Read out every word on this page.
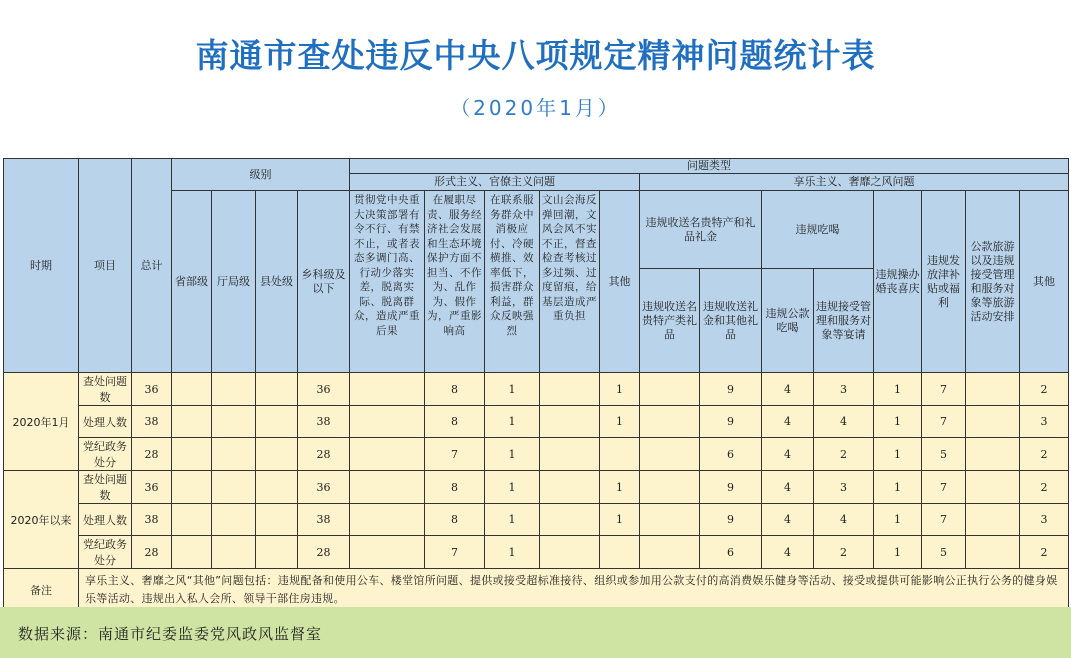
南通市查处违反中央八项规定精神问题统计表
（2020年1月）
时期	项目	总计	级别				问题类型												
							形式主义、官僚主义问题					享乐主义、奢靡之风问题							
			省部级	厅局级	县处级	乡科级及以下	贯彻党中央重大决策部署有令不行、有禁不止，或者表态多调门高、行动少落实差，脱离实际、脱离群众，造成严重后果	在履职尽责、服务经济社会发展和生态环境保护方面不担当、不作为、乱作为、假作为，严重影响高	在联系服务群众中消极应付、冷硬横推、效率低下，损害群众利益，群众反映强烈	文山会海反弹回潮，文风会风不实不正，督查检查考核过多过频、过度留痕，给基层造成严重负担	其他	违规收送名贵特产和礼品礼金		违规吃喝		违规操办婚丧喜庆	违规发放津补贴或福利	公款旅游以及违规接受管理和服务对象等旅游活动安排	其他
												违规收送名贵特产类礼品	违规收送礼金和其他礼品	违规公款吃喝	违规接受管理和服务对象等宴请				
2020年1月	查处问题数	36				36		8	1		1		9	4	3	1	7		2
	处理人数	38				38		8	1		1		9	4	4	1	7		3
	党纪政务处分	28				28		7	1				6	4	2	1	5		2
2020年以来	查处问题数	36				36		8	1		1		9	4	3	1	7		2
	处理人数	38				38		8	1		1		9	4	4	1	7		3
	党纪政务处分	28				28		7	1				6	4	2	1	5		2
备注	享乐主义、奢靡之风“其他”问题包括：违规配备和使用公车、楼堂馆所问题、提供或接受超标准接待、组织或参加用公款支付的高消费娱乐健身等活动、接受或提供可能影响公正执行公务的健身娱乐等活动、违规出入私人会所、领导干部住房违规。																		
数据来源：南通市纪委监委党风政风监督室
